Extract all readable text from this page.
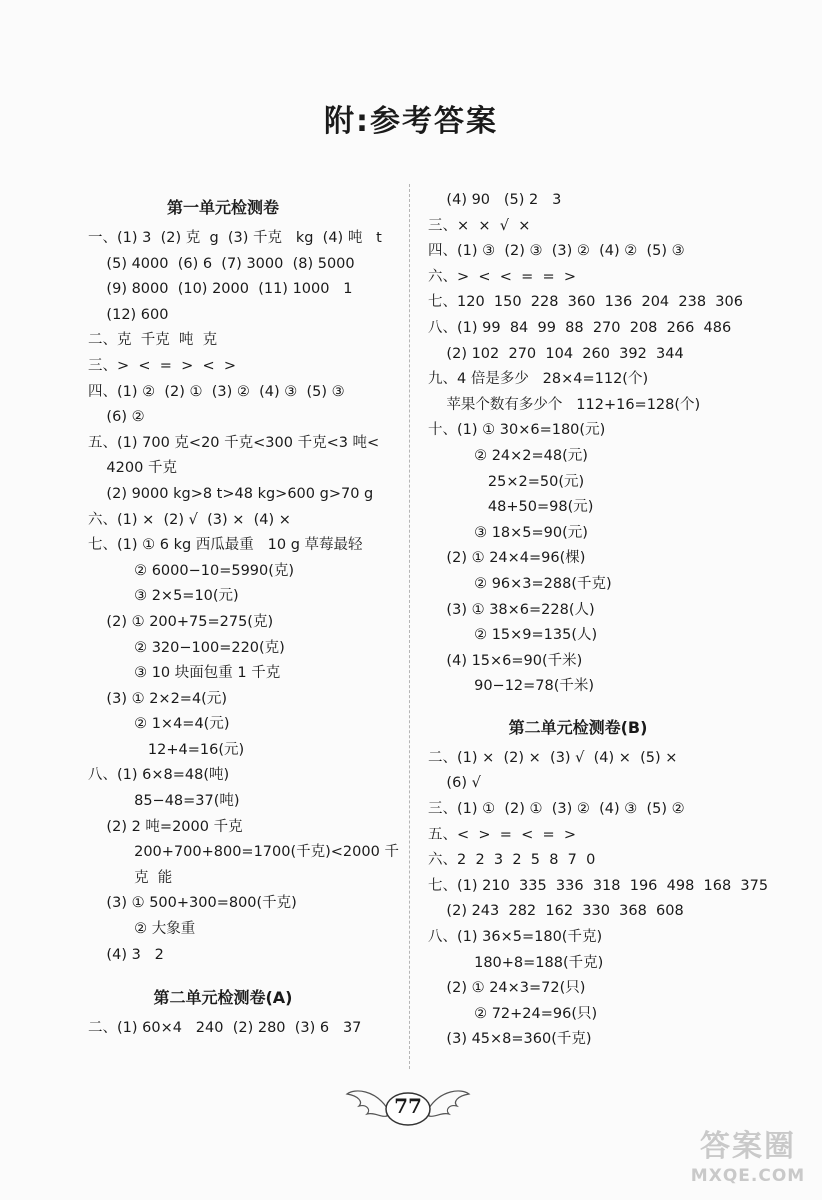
附:参考答案
第一单元检测卷
一、(1) 3  (2) 克  g  (3) 千克   kg  (4) 吨   t
(5) 4000  (6) 6  (7) 3000  (8) 5000
(9) 8000  (10) 2000  (11) 1000   1
(12) 600
二、克  千克  吨  克
三、>  <  =  >  <  >
四、(1) ②  (2) ①  (3) ②  (4) ③  (5) ③
(6) ②
五、(1) 700 克<20 千克<300 千克<3 吨<
4200 千克
(2) 9000 kg>8 t>48 kg>600 g>70 g
六、(1) ×  (2) √  (3) ×  (4) ×
七、(1) ① 6 kg 西瓜最重   10 g 草莓最轻
② 6000−10=5990(克)
③ 2×5=10(元)
(2) ① 200+75=275(克)
② 320−100=220(克)
③ 10 块面包重 1 千克
(3) ① 2×2=4(元)
② 1×4=4(元)
12+4=16(元)
八、(1) 6×8=48(吨)
85−48=37(吨)
(2) 2 吨=2000 千克
200+700+800=1700(千克)<2000 千
克  能
(3) ① 500+300=800(千克)
② 大象重
(4) 3   2
第二单元检测卷(A)
二、(1) 60×4   240  (2) 280  (3) 6   37
(4) 90   (5) 2   3
三、×  ×  √  ×
四、(1) ③  (2) ③  (3) ②  (4) ②  (5) ③
六、>  <  <  =  =  >
七、120  150  228  360  136  204  238  306
八、(1) 99  84  99  88  270  208  266  486
(2) 102  270  104  260  392  344
九、4 倍是多少   28×4=112(个)
苹果个数有多少个   112+16=128(个)
十、(1) ① 30×6=180(元)
② 24×2=48(元)
25×2=50(元)
48+50=98(元)
③ 18×5=90(元)
(2) ① 24×4=96(棵)
② 96×3=288(千克)
(3) ① 38×6=228(人)
② 15×9=135(人)
(4) 15×6=90(千米)
90−12=78(千米)
第二单元检测卷(B)
二、(1) ×  (2) ×  (3) √  (4) ×  (5) ×
(6) √
三、(1) ①  (2) ①  (3) ②  (4) ③  (5) ②
五、<  >  =  <  =  >
六、2  2  3  2  5  8  7  0
七、(1) 210  335  336  318  196  498  168  375
(2) 243  282  162  330  368  608
八、(1) 36×5=180(千克)
180+8=188(千克)
(2) ① 24×3=72(只)
② 72+24=96(只)
(3) 45×8=360(千克)
77
答案圈
MXQE.COM
